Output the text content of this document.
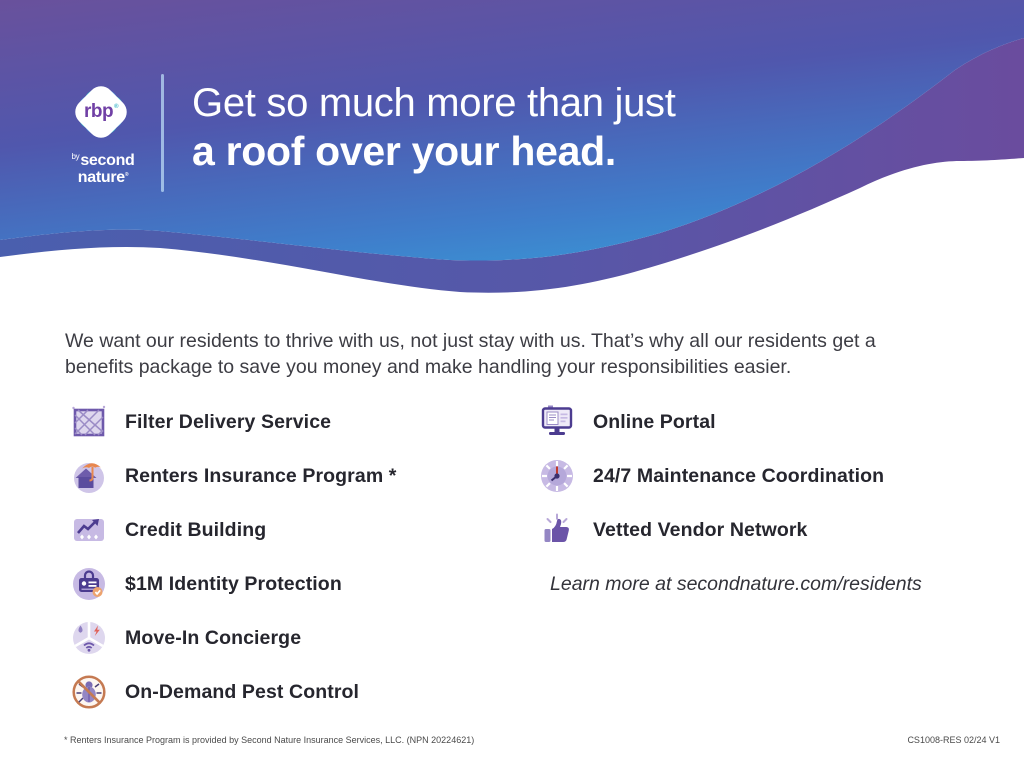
rbp ®
$^{by}$second
nature®
Get so much more than just
a roof over your head.
We want our residents to thrive with us, not just stay with us. That’s why all our residents get a
benefits package to save you money and make handling your responsibilities easier.
Filter Delivery Service
Renters Insurance Program *
Credit Building
$1M Identity Protection
Move-In Concierge
On-Demand Pest Control
Online Portal
24/7 Maintenance Coordination
Vetted Vendor Network
Learn more at secondnature.com/residents
* Renters Insurance Program is provided by Second Nature Insurance Services, LLC. (NPN 20224621)	CS1008-RES 02/24 V1
